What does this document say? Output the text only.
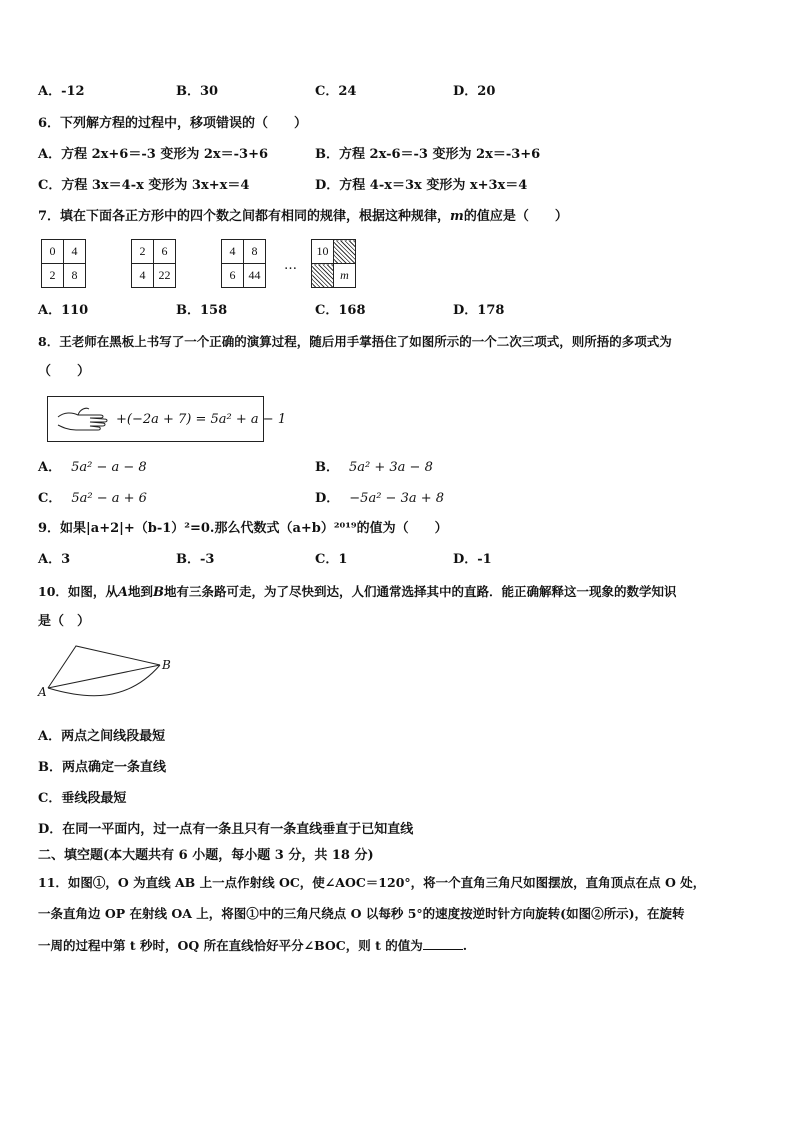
A．-12	B．30	C．24	D．20
6．下列解方程的过程中，移项错误的（　　）
A．方程 2x+6＝-3 变形为 2x＝-3+6	B．方程 2x-6＝-3 变形为 2x＝-3+6
C．方程 3x＝4-x 变形为 3x+x＝4	D．方程 4-x＝3x 变形为 x+3x＝4
7．填在下面各正方形中的四个数之间都有相同的规律，根据这种规律，m的值应是（　　）
0	4
2	8
2	6
4	22
4	8
6	44
…
10	
	m
A．110	B．158	C．168	D．178
8．王老师在黑板上书写了一个正确的演算过程，随后用手掌捂住了如图所示的一个二次三项式，则所捂的多项式为
（　　）
+(−2a + 7) = 5a² + a − 1
A． 5a² − a − 8	B． 5a² + 3a − 8
C． 5a² − a + 6	D． −5a² − 3a + 8
9．如果|a+2|+（b-1）²=0.那么代数式（a+b）²⁰¹⁹的值为（　　）
A．3	B．-3	C．1	D．-1
10．如图，从A地到B地有三条路可走，为了尽快到达，人们通常选择其中的直路．能正确解释这一现象的数学知识
是（　）
A
B
A．两点之间线段最短
B．两点确定一条直线
C．垂线段最短
D．在同一平面内，过一点有一条且只有一条直线垂直于已知直线
二、填空题(本大题共有 6 小题，每小题 3 分，共 18 分)
11．如图①，O 为直线 AB 上一点作射线 OC，使∠AOC＝120°，将一个直角三角尺如图摆放，直角顶点在点 O 处，
一条直角边 OP 在射线 OA 上，将图①中的三角尺绕点 O 以每秒 5°的速度按逆时针方向旋转(如图②所示)，在旋转
一周的过程中第 t 秒时，OQ 所在直线恰好平分∠BOC，则 t 的值为	.
